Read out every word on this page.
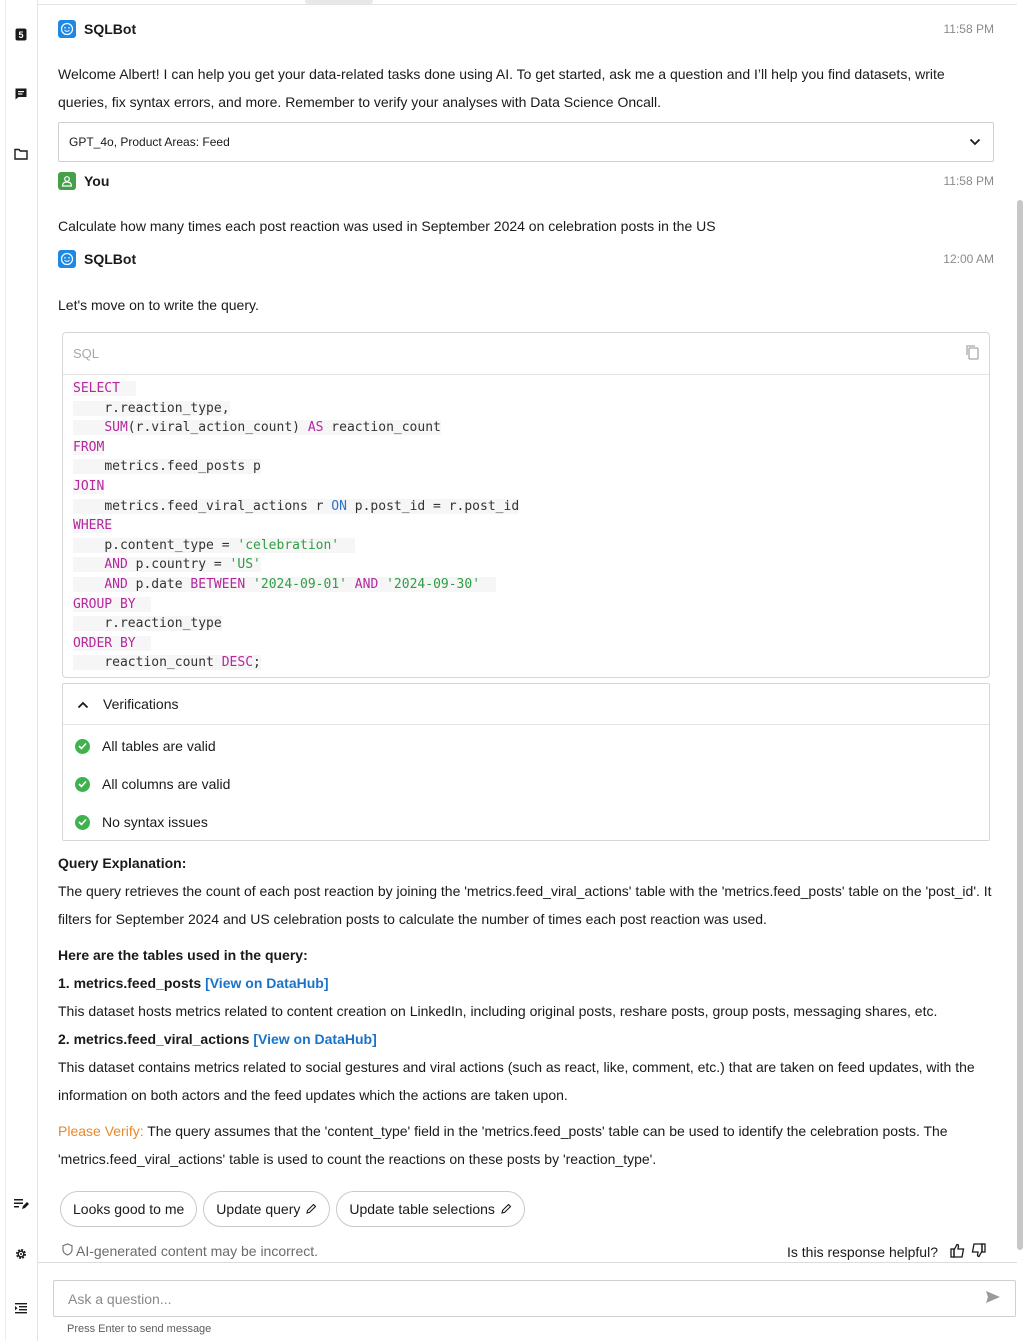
5	SQLBot	11:58 PM
Welcome Albert! I can help you get your data-related tasks done using AI. To get started, ask me a question and I’ll help you find datasets, write queries, fix syntax errors, and more. Remember to verify your analyses with Data Science Oncall.
GPT_4o, Product Areas: Feed
You	11:58 PM
Calculate how many times each post reaction was used in September 2024 on celebration posts in the US
SQLBot	12:00 AM
Let's move on to write the query.
SQL
SELECT
r.reaction_type,
SUM(r.viral_action_count) AS reaction_count
FROM
metrics.feed_posts p
JOIN
metrics.feed_viral_actions r ON p.post_id = r.post_id
WHERE
p.content_type = 'celebration'
AND p.country = 'US'
AND p.date BETWEEN '2024-09-01' AND '2024-09-30'
GROUP BY
r.reaction_type
ORDER BY
reaction_count DESC;
Verifications
All tables are valid
All columns are valid
No syntax issues
Query Explanation:
The query retrieves the count of each post reaction by joining the 'metrics.feed_viral_actions' table with the 'metrics.feed_posts' table on the 'post_id'. It filters for September 2024 and US celebration posts to calculate the number of times each post reaction was used.
Here are the tables used in the query:
1. metrics.feed_posts [View on DataHub]
This dataset hosts metrics related to content creation on LinkedIn, including original posts, reshare posts, group posts, messaging shares, etc.
2. metrics.feed_viral_actions [View on DataHub]
This dataset contains metrics related to social gestures and viral actions (such as react, like, comment, etc.) that are taken on feed updates, with the information on both actors and the feed updates which the actions are taken upon.
Please Verify: The query assumes that the 'content_type' field in the 'metrics.feed_posts' table can be used to identify the celebration posts. The 'metrics.feed_viral_actions' table is used to count the reactions on these posts by 'reaction_type'.
Looks good to me Update query	Update table selections
AI-generated content may be incorrect.	Is this response helpful?
Ask a question...
Press Enter to send message
